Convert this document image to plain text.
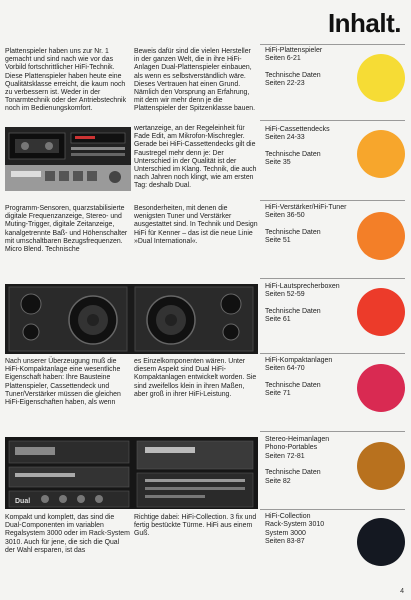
Inhalt.
Plattenspieler haben uns zur Nr. 1 gemacht und sind nach wie vor das Vorbild fortschrittlicher HiFi-Technik. Diese Plattenspieler haben heute eine Qualitätsklasse erreicht, die kaum noch zu verbessern ist. Weder in der Tonarmtechnik oder der Antriebstechnik noch im Bedienungskomfort.
Beweis dafür sind die vielen Hersteller in der ganzen Welt, die in ihre HiFi-Anlagen Dual-Plattenspieler einbauen, als wenn es selbstverständlich wäre. Dieses Vertrauen hat einen Grund. Nämlich den Vorsprung an Erfahrung, mit dem wir mehr denn je die Plattenspieler der Spitzenklasse bauen.

HiFi-Plattenspieler

Seiten 6-21

Technische Daten

Seiten 22-23

wertanzeige, an der Regeleinheit für Fade Edit, am Mikrofon-Mischregler. Gerade bei HiFi-Cassettendecks gilt die Faustregel mehr denn je: Der Unterschied in der Qualität ist der Unterschied im Klang. Technik, die auch nach Jahren noch klingt, wie am ersten Tag: deshalb Dual.

HiFi-Cassettendecks

Seiten 24-33

Technische Daten

Seite 35

Programm-Sensoren, quarzstabilisierte digitale Frequenzanzeige, Stereo- und Muting-Trigger, digitale Zeitanzeige, kanalgetrennte Baß- und Höhenschalter mit umschaltbaren Bezugsfrequenzen. Micro Blend. Technische
Besonderheiten, mit denen die wenigsten Tuner und Verstärker ausgestattet sind. In Technik und Design HiFi für Kenner – das ist die neue Linie »Dual International«.

HiFi-Verstärker/HiFi-Tuner

Seiten 36-50

Technische Daten

Seite 51

HiFi-Lautsprecherboxen

Seiten 52-59

Technische Daten

Seite 61

Nach unserer Überzeugung muß die HiFi-Kompaktanlage eine wesentliche Eigenschaft haben: Ihre Bausteine Plattenspieler, Cassettendeck und Tuner/Verstärker müssen die gleichen HiFi-Eigenschaften haben, als wenn
es Einzelkomponenten wären. Unter diesem Aspekt sind Dual HiFi-Kompaktanlagen entwickelt worden. Sie sind zweifellos klein in ihren Maßen, aber groß in ihrer HiFi-Leistung.

HiFi-Kompaktanlagen

Seiten 64-70

Technische Daten

Seite 71

Dual

Stereo-Heimanlagen

Phono-Portables

Seiten 72-81

Technische Daten

Seite 82

Kompakt und komplett, das sind die Dual-Componenten im variablen Regalsystem 3000 oder im Rack-System 3010. Auch für jene, die sich die Qual der Wahl ersparen, ist das
Richtige dabei: HiFi-Collection. 3 fix und fertig bestückte Türme. HiFi aus einem Guß.

HiFi-Collection

Rack-System 3010

System 3000

Seiten 83-87

4
